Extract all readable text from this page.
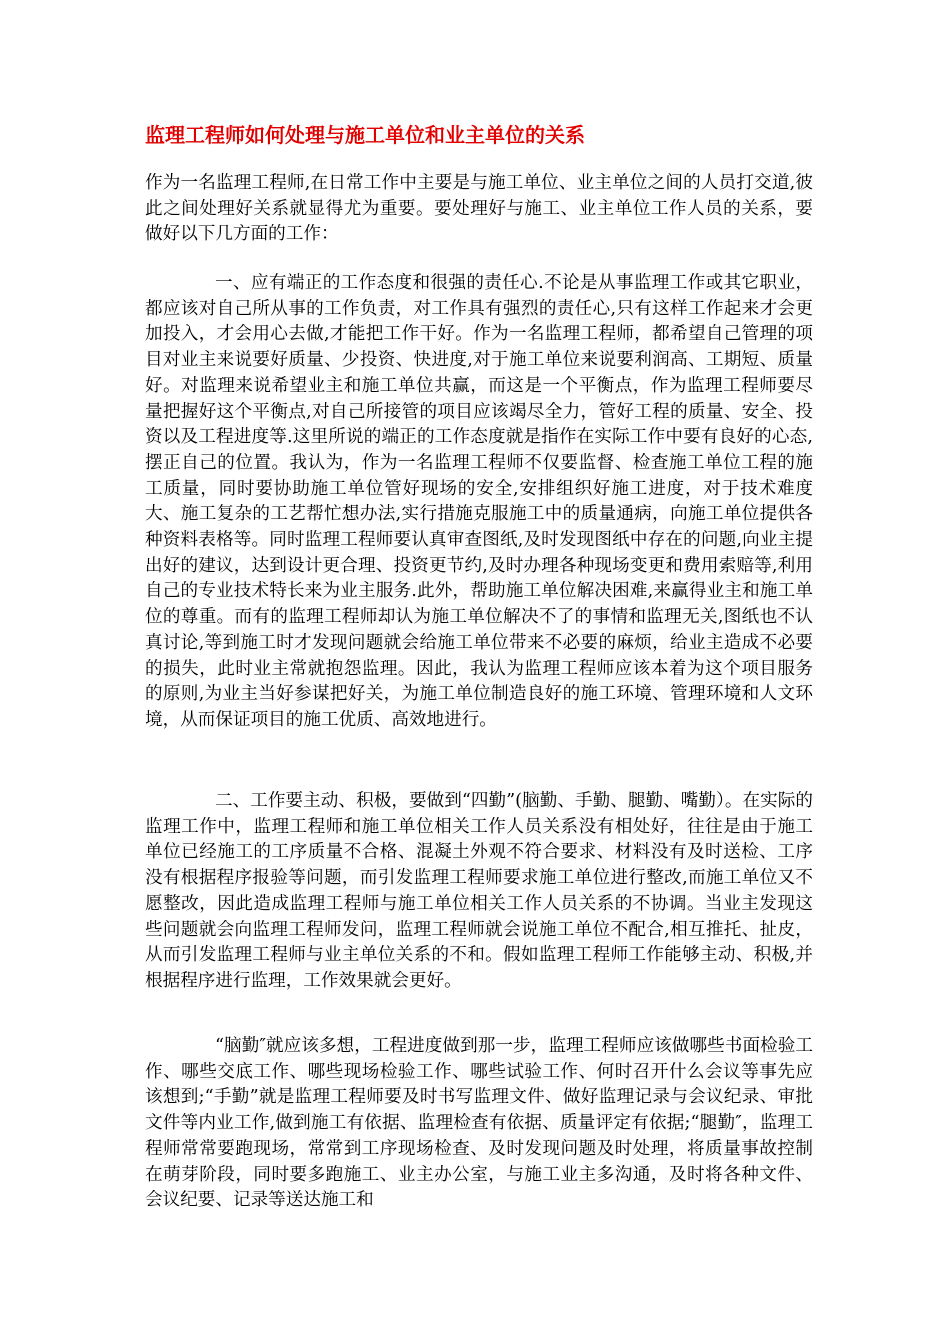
监理工程师如何处理与施工单位和业主单位的关系

作为一名监理工程师,在日常工作中主要是与施工单位、业主单位之间的人员打交道,彼此之间处理好关系就显得尤为重要。要处理好与施工、业主单位工作人员的关系，要做好以下几方面的工作：

一、应有端正的工作态度和很强的责任心.不论是从事监理工作或其它职业，都应该对自己所从事的工作负责，对工作具有强烈的责任心,只有这样工作起来才会更加投入，才会用心去做,才能把工作干好。作为一名监理工程师，都希望自己管理的项目对业主来说要好质量、少投资、快进度,对于施工单位来说要利润高、工期短、质量好。对监理来说希望业主和施工单位共赢，而这是一个平衡点，作为监理工程师要尽量把握好这个平衡点,对自己所接管的项目应该竭尽全力，管好工程的质量、安全、投资以及工程进度等.这里所说的端正的工作态度就是指作在实际工作中要有良好的心态,摆正自己的位置。我认为，作为一名监理工程师不仅要监督、检查施工单位工程的施工质量，同时要协助施工单位管好现场的安全,安排组织好施工进度，对于技术难度大、施工复杂的工艺帮忙想办法,实行措施克服施工中的质量通病，向施工单位提供各种资料表格等。同时监理工程师要认真审查图纸,及时发现图纸中存在的问题,向业主提出好的建议，达到设计更合理、投资更节约,及时办理各种现场变更和费用索赔等,利用自己的专业技术特长来为业主服务.此外，帮助施工单位解决困难,来赢得业主和施工单位的尊重。而有的监理工程师却认为施工单位解决不了的事情和监理无关,图纸也不认真讨论,等到施工时才发现问题就会给施工单位带来不必要的麻烦，给业主造成不必要的损失，此时业主常就抱怨监理。因此，我认为监理工程师应该本着为这个项目服务的原则,为业主当好参谋把好关，为施工单位制造良好的施工环境、管理环境和人文环境，从而保证项目的施工优质、高效地进行。

二、工作要主动、积极，要做到“四勤”(脑勤、手勤、腿勤、嘴勤）。在实际的监理工作中，监理工程师和施工单位相关工作人员关系没有相处好，往往是由于施工单位已经施工的工序质量不合格、混凝土外观不符合要求、材料没有及时送检、工序没有根据程序报验等问题，而引发监理工程师要求施工单位进行整改,而施工单位又不愿整改，因此造成监理工程师与施工单位相关工作人员关系的不协调。当业主发现这些问题就会向监理工程师发问，监理工程师就会说施工单位不配合,相互推托、扯皮，从而引发监理工程师与业主单位关系的不和。假如监理工程师工作能够主动、积极,并根据程序进行监理，工作效果就会更好。

“脑勤″就应该多想，工程进度做到那一步，监理工程师应该做哪些书面检验工作、哪些交底工作、哪些现场检验工作、哪些试验工作、何时召开什么会议等事先应该想到;“手勤”就是监理工程师要及时书写监理文件、做好监理记录与会议纪录、审批文件等内业工作,做到施工有依据、监理检查有依据、质量评定有依据;“腿勤″，监理工程师常常要跑现场，常常到工序现场检查、及时发现问题及时处理，将质量事故控制在萌芽阶段，同时要多跑施工、业主办公室，与施工业主多沟通，及时将各种文件、会议纪要、记录等送达施工和
